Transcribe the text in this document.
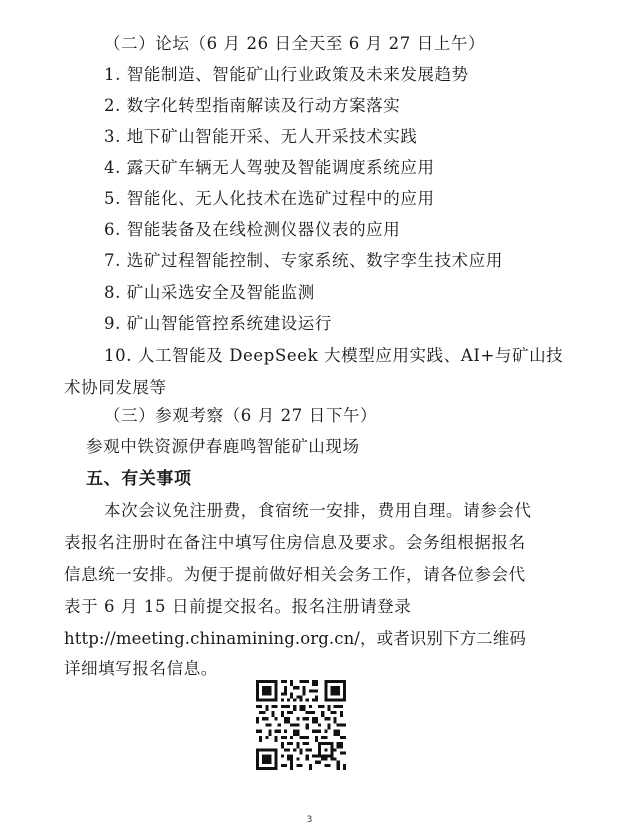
（二）论坛（6 月 26 日全天至 6 月 27 日上午）
1. 智能制造、智能矿山行业政策及未来发展趋势
2. 数字化转型指南解读及行动方案落实
3. 地下矿山智能开采、无人开采技术实践
4. 露天矿车辆无人驾驶及智能调度系统应用
5. 智能化、无人化技术在选矿过程中的应用
6. 智能装备及在线检测仪器仪表的应用
7. 选矿过程智能控制、专家系统、数字孪生技术应用
8. 矿山采选安全及智能监测
9. 矿山智能管控系统建设运行
10. 人工智能及 DeepSeek 大模型应用实践、AI+与矿山技
术协同发展等
（三）参观考察（6 月 27 日下午）
参观中铁资源伊春鹿鸣智能矿山现场
五、有关事项
本次会议免注册费，食宿统一安排，费用自理。请参会代
表报名注册时在备注中填写住房信息及要求。会务组根据报名
信息统一安排。为便于提前做好相关会务工作，请各位参会代
表于 6 月 15 日前提交报名。报名注册请登录
http://meeting.chinamining.org.cn/，或者识别下方二维码
详细填写报名信息。
3
